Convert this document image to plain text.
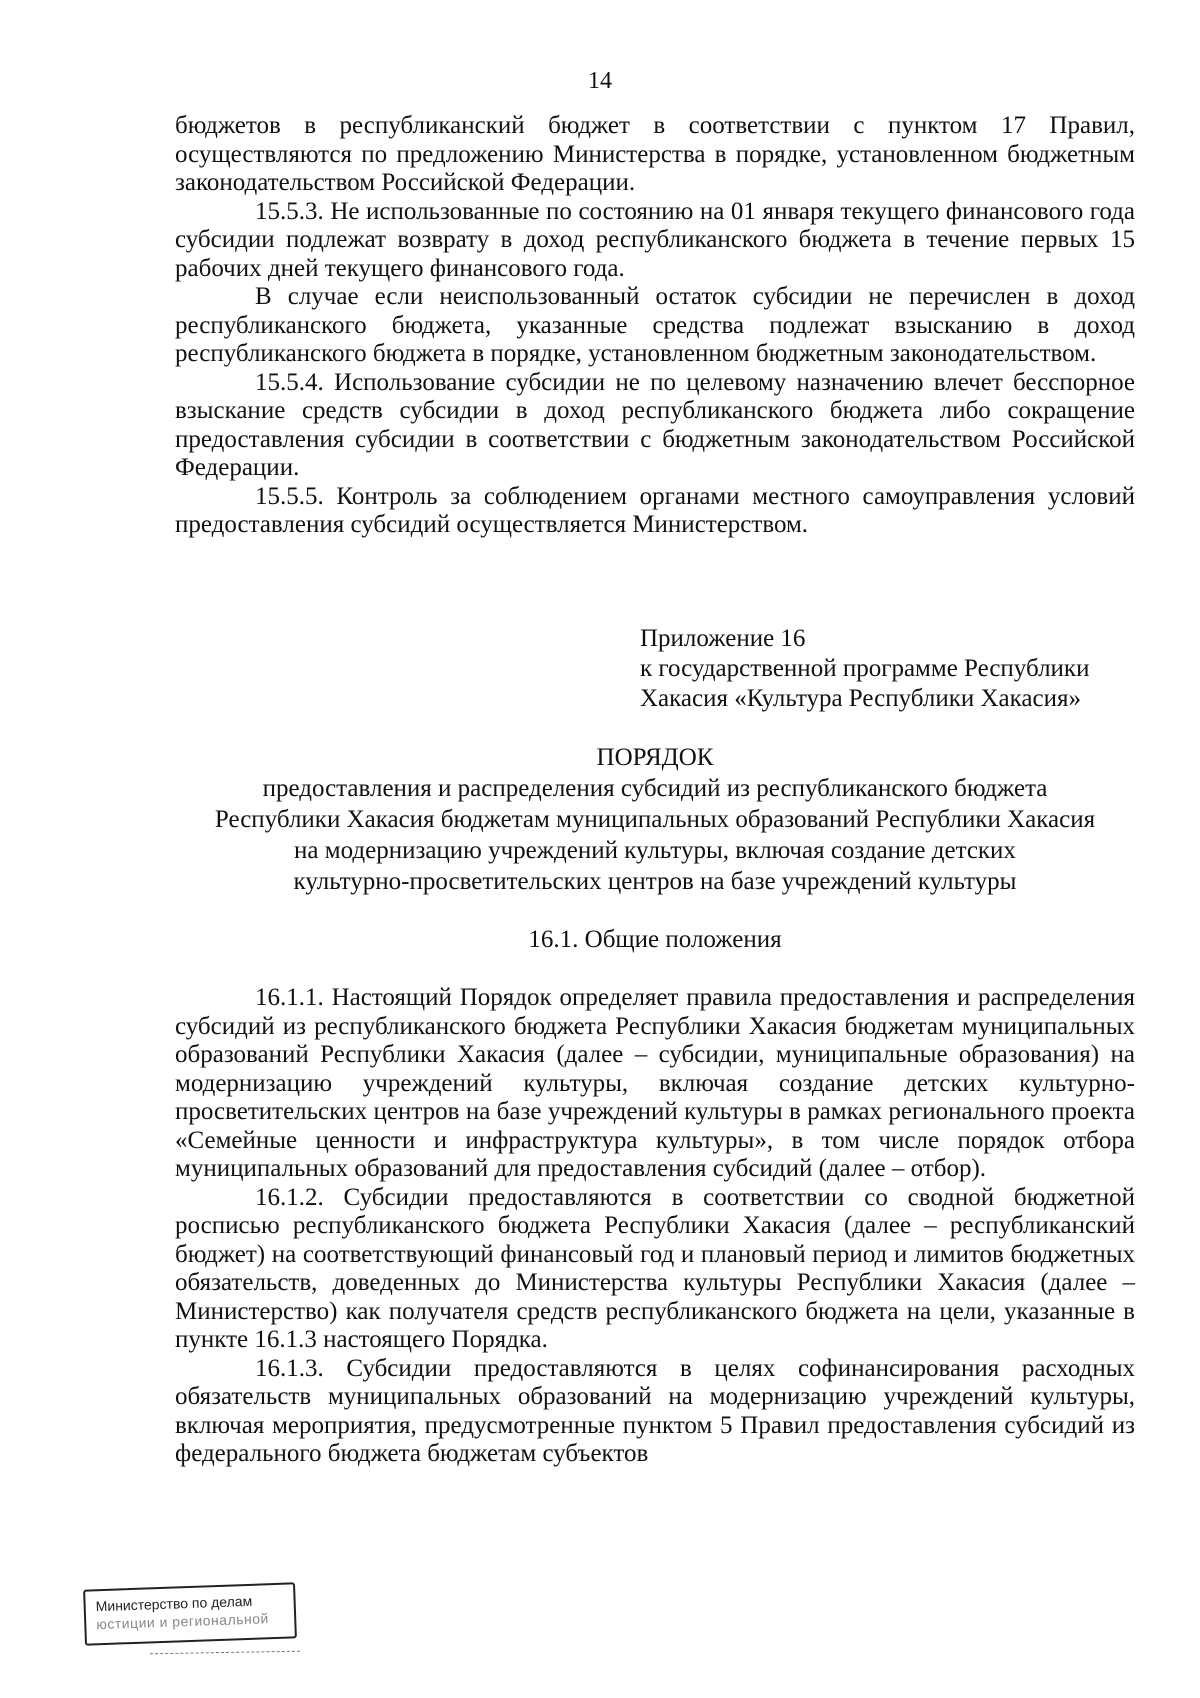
14

бюджетов в республиканский бюджет в соответствии с пунктом 17 Правил, осуществляются по предложению Министерства в порядке, установленном бюджетным законодательством Российской Федерации.

15.5.3. Не использованные по состоянию на 01 января текущего финансового года субсидии подлежат возврату в доход республиканского бюджета в течение первых 15 рабочих дней текущего финансового года.

В случае если неиспользованный остаток субсидии не перечислен в доход республиканского бюджета, указанные средства подлежат взысканию в доход республиканского бюджета в порядке, установленном бюджетным законодательством.

15.5.4. Использование субсидии не по целевому назначению влечет бесспорное взыскание средств субсидии в доход республиканского бюджета либо сокращение предоставления субсидии в соответствии с бюджетным законодательством Российской Федерации.

15.5.5. Контроль за соблюдением органами местного самоуправления условий предоставления субсидий осуществляется Министерством.

Приложение 16
к государственной программе Республики
Хакасия «Культура Республики Хакасия»
ПОРЯДОК
предоставления и распределения субсидий из республиканского бюджета
Республики Хакасия бюджетам муниципальных образований Республики Хакасия
на модернизацию учреждений культуры, включая создание детских
культурно-просветительских центров на базе учреждений культуры
16.1. Общие положения

16.1.1. Настоящий Порядок определяет правила предоставления и распределения субсидий из республиканского бюджета Республики Хакасия бюджетам муниципальных образований Республики Хакасия (далее – субсидии, муниципальные образования) на модернизацию учреждений культуры, включая создание детских культурно-просветительских центров на базе учреждений культуры в рамках регионального проекта «Семейные ценности и инфраструктура культуры», в том числе порядок отбора муниципальных образований для предоставления субсидий (далее – отбор).

16.1.2. Субсидии предоставляются в соответствии со сводной бюджетной росписью республиканского бюджета Республики Хакасия (далее – республиканский бюджет) на соответствующий финансовый год и плановый период и лимитов бюджетных обязательств, доведенных до Министерства культуры Республики Хакасия (далее – Министерство) как получателя средств республиканского бюджета на цели, указанные в пункте 16.1.3 настоящего Порядка.

16.1.3. Субсидии предоставляются в целях софинансирования расходных обязательств муниципальных образований на модернизацию учреждений культуры, включая мероприятия, предусмотренные пунктом 5 Правил предоставления субсидий из федерального бюджета бюджетам субъектов

Министерство по делам
юстиции и региональной
